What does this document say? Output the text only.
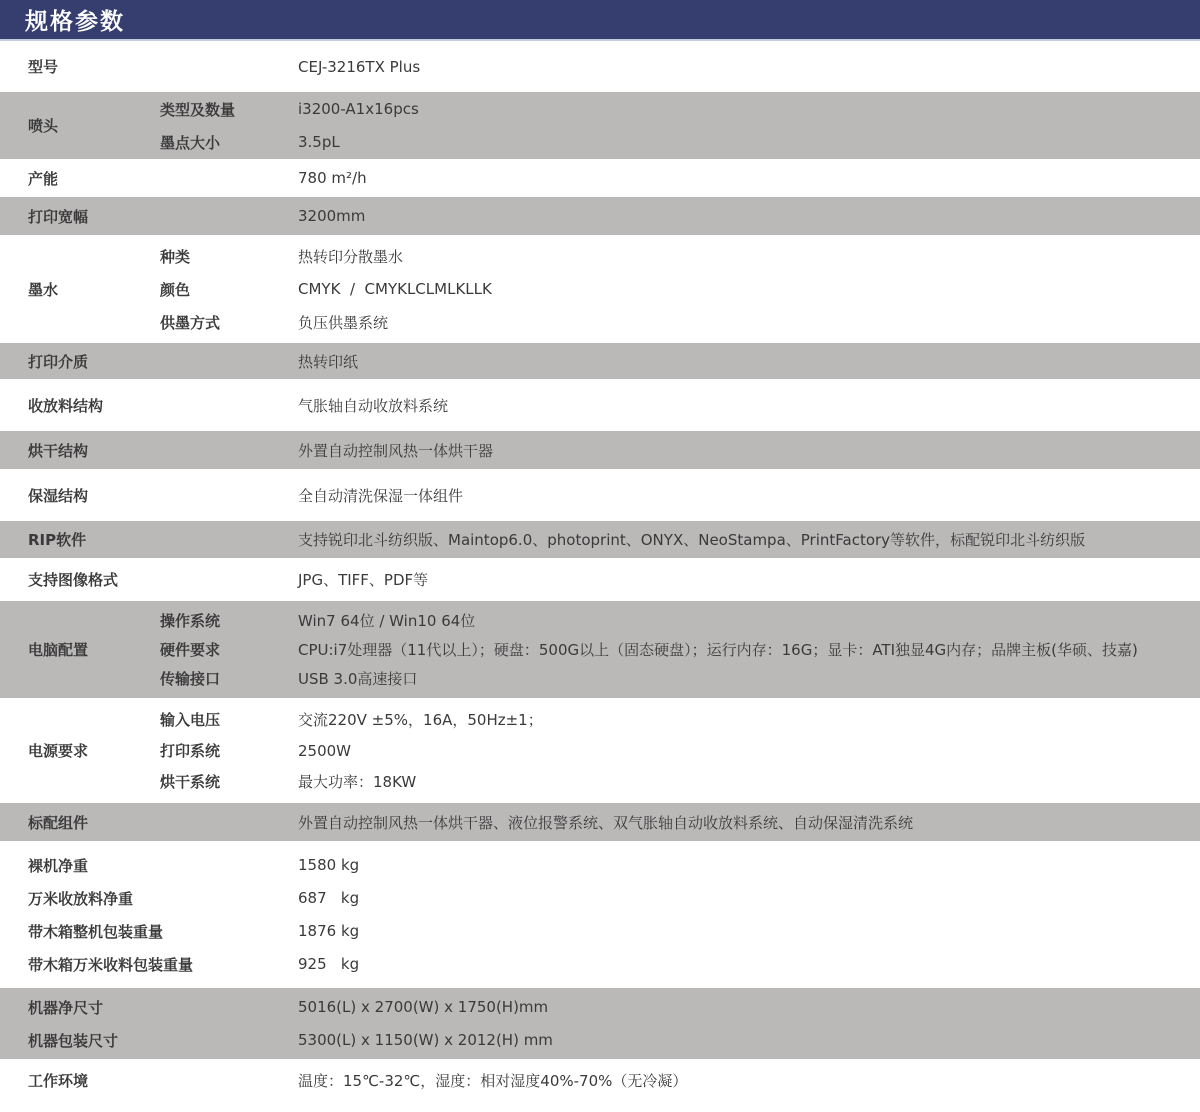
规格参数
型号	CEJ-3216TX Plus
喷头
类型及数量	i3200-A1x16pcs
墨点大小	3.5pL
产能	780 m²/h
打印宽幅	3200mm
墨水
种类	热转印分散墨水
颜色	CMYK  /  CMYKLCLMLKLLK
供墨方式	负压供墨系统
打印介质	热转印纸
收放料结构	气胀轴自动收放料系统
烘干结构	外置自动控制风热一体烘干器
保湿结构	全自动清洗保湿一体组件
RIP软件	支持锐印北斗纺织版、Maintop6.0、photoprint、ONYX、NeoStampa、PrintFactory等软件，标配锐印北斗纺织版
支持图像格式	JPG、TIFF、PDF等
电脑配置
操作系统	Win7 64位 / Win10 64位
硬件要求	CPU:i7处理器（11代以上）；硬盘：500G以上（固态硬盘）；运行内存：16G；显卡：ATI独显4G内存；品牌主板(华硕、技嘉)
传输接口	USB 3.0高速接口
电源要求
输入电压	交流220V ±5%，16A，50Hz±1；
打印系统	2500W
烘干系统	最大功率：18KW
标配组件	外置自动控制风热一体烘干器、液位报警系统、双气胀轴自动收放料系统、自动保湿清洗系统
裸机净重	1580 kg
万米收放料净重	687   kg
带木箱整机包装重量	1876 kg
带木箱万米收料包装重量	925   kg
机器净尺寸	5016(L) x 2700(W) x 1750(H)mm
机器包装尺寸	5300(L) x 1150(W) x 2012(H) mm
工作环境	温度：15℃-32℃，湿度：相对湿度40%-70%（无冷凝）
